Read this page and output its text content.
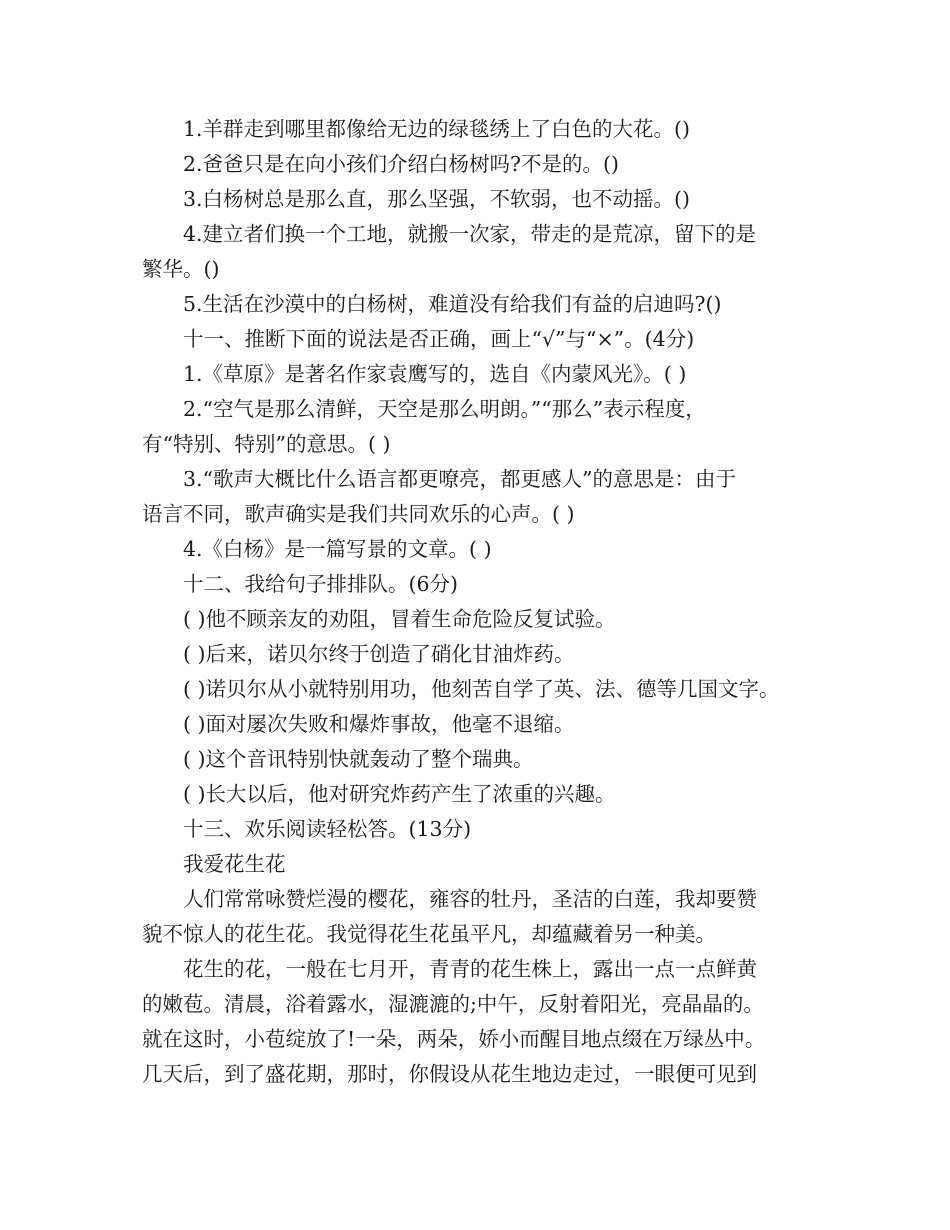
1.羊群走到哪里都像给无边的绿毯绣上了白色的大花。()
2.爸爸只是在向小孩们介绍白杨树吗?不是的。()
3.白杨树总是那么直，那么坚强，不软弱，也不动摇。()
4.建立者们换一个工地，就搬一次家，带走的是荒凉，留下的是
繁华。()
5.生活在沙漠中的白杨树，难道没有给我们有益的启迪吗?()
十一、推断下面的说法是否正确，画上“√”与“×”。(4分)
1.《草原》是著名作家袁鹰写的，选自《内蒙风光》。( )
2.“空气是那么清鲜，天空是那么明朗。”“那么”表示程度，
有“特别、特别”的意思。( )
3.“歌声大概比什么语言都更嘹亮，都更感人”的意思是：由于
语言不同，歌声确实是我们共同欢乐的心声。( )
4.《白杨》是一篇写景的文章。( )
十二、我给句子排排队。(6分)
( )他不顾亲友的劝阻，冒着生命危险反复试验。
( )后来，诺贝尔终于创造了硝化甘油炸药。
( )诺贝尔从小就特别用功，他刻苦自学了英、法、德等几国文字。
( )面对屡次失败和爆炸事故，他毫不退缩。
( )这个音讯特别快就轰动了整个瑞典。
( )长大以后，他对研究炸药产生了浓重的兴趣。
十三、欢乐阅读轻松答。(13分)
我爱花生花
人们常常咏赞烂漫的樱花，雍容的牡丹，圣洁的白莲，我却要赞
貌不惊人的花生花。我觉得花生花虽平凡，却蕴藏着另一种美。
花生的花，一般在七月开，青青的花生株上，露出一点一点鲜黄
的嫩苞。清晨，浴着露水，湿漉漉的;中午，反射着阳光，亮晶晶的。
就在这时，小苞绽放了!一朵，两朵，娇小而醒目地点缀在万绿丛中。
几天后，到了盛花期，那时，你假设从花生地边走过，一眼便可见到
